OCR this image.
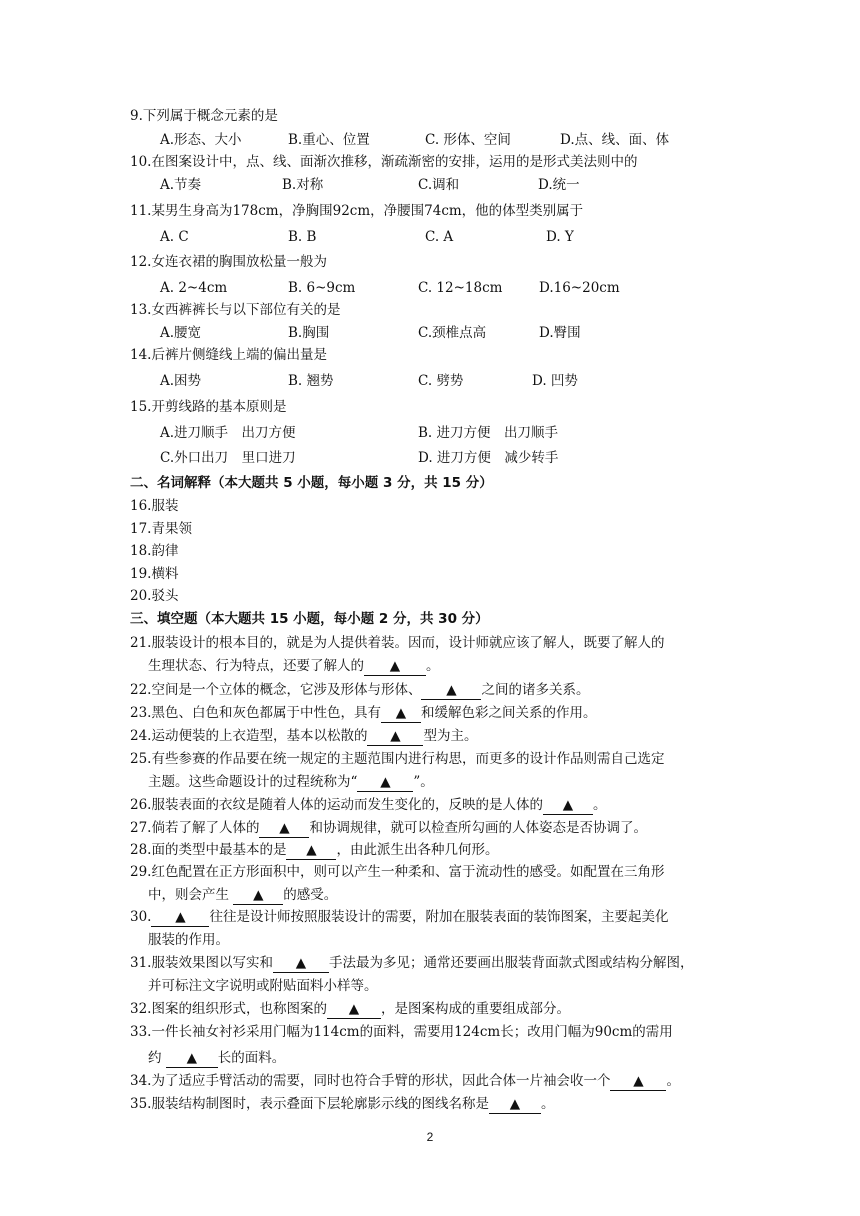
9.下列属于概念元素的是
A.形态、大小	B.重心、位置	C. 形体、空间	D.点、线、面、体
10.在图案设计中，点、线、面渐次推移，渐疏渐密的安排，运用的是形式美法则中的
A.节奏	B.对称	C.调和	D.统一
11.某男生身高为178cm，净胸围92cm，净腰围74cm，他的体型类别属于
A. C	B. B	C. A	D. Y
12.女连衣裙的胸围放松量一般为
A. 2~4cm	B. 6~9cm	C. 12~18cm	D.16~20cm
13.女西裤裤长与以下部位有关的是
A.腰宽	B.胸围	C.颈椎点高	D.臀围
14.后裤片侧缝线上端的偏出量是
A.困势	B. 翘势	C. 劈势	D. 凹势
15.开剪线路的基本原则是
A.进刀顺手　出刀方便	B. 进刀方便　出刀顺手
C.外口出刀　里口进刀	D. 进刀方便　减少转手
二、名词解释（本大题共 5 小题，每小题 3 分，共 15 分）
16.服装
17.青果领
18.韵律
19.横料
20.驳头
三、填空题（本大题共 15 小题，每小题 2 分，共 30 分）
21.服装设计的根本目的，就是为人提供着装。因而，设计师就应该了解人，既要了解人的
生理状态、行为特点，还要了解人的 ▲ 。
22.空间是一个立体的概念，它涉及形体与形体、 ▲ 之间的诸多关系。
23.黑色、白色和灰色都属于中性色，具有 ▲ 和缓解色彩之间关系的作用。
24.运动便装的上衣造型，基本以松散的 ▲ 型为主。
25.有些参赛的作品要在统一规定的主题范围内进行构思，而更多的设计作品则需自己选定
主题。这些命题设计的过程统称为“ ▲ ”。
26.服装表面的衣纹是随着人体的运动而发生变化的，反映的是人体的 ▲ 。
27.倘若了解了人体的 ▲ 和协调规律，就可以检查所勾画的人体姿态是否协调了。
28.面的类型中最基本的是 ▲ ，由此派生出各种几何形。
29.红色配置在正方形面积中，则可以产生一种柔和、富于流动性的感受。如配置在三角形
中，则会产生 ▲ 的感受。
30. ▲ 往往是设计师按照服装设计的需要，附加在服装表面的装饰图案，主要起美化
服装的作用。
31.服装效果图以写实和 ▲ 手法最为多见；通常还要画出服装背面款式图或结构分解图，
并可标注文字说明或附贴面料小样等。
32.图案的组织形式，也称图案的 ▲ ，是图案构成的重要组成部分。
33.一件长袖女衬衫采用门幅为114cm的面料，需要用124cm长；改用门幅为90cm的需用
约 ▲ 长的面料。
34.为了适应手臂活动的需要，同时也符合手臂的形状，因此合体一片袖会收一个 ▲ 。
35.服装结构制图时，表示叠面下层轮廓影示线的图线名称是 ▲ 。
2
